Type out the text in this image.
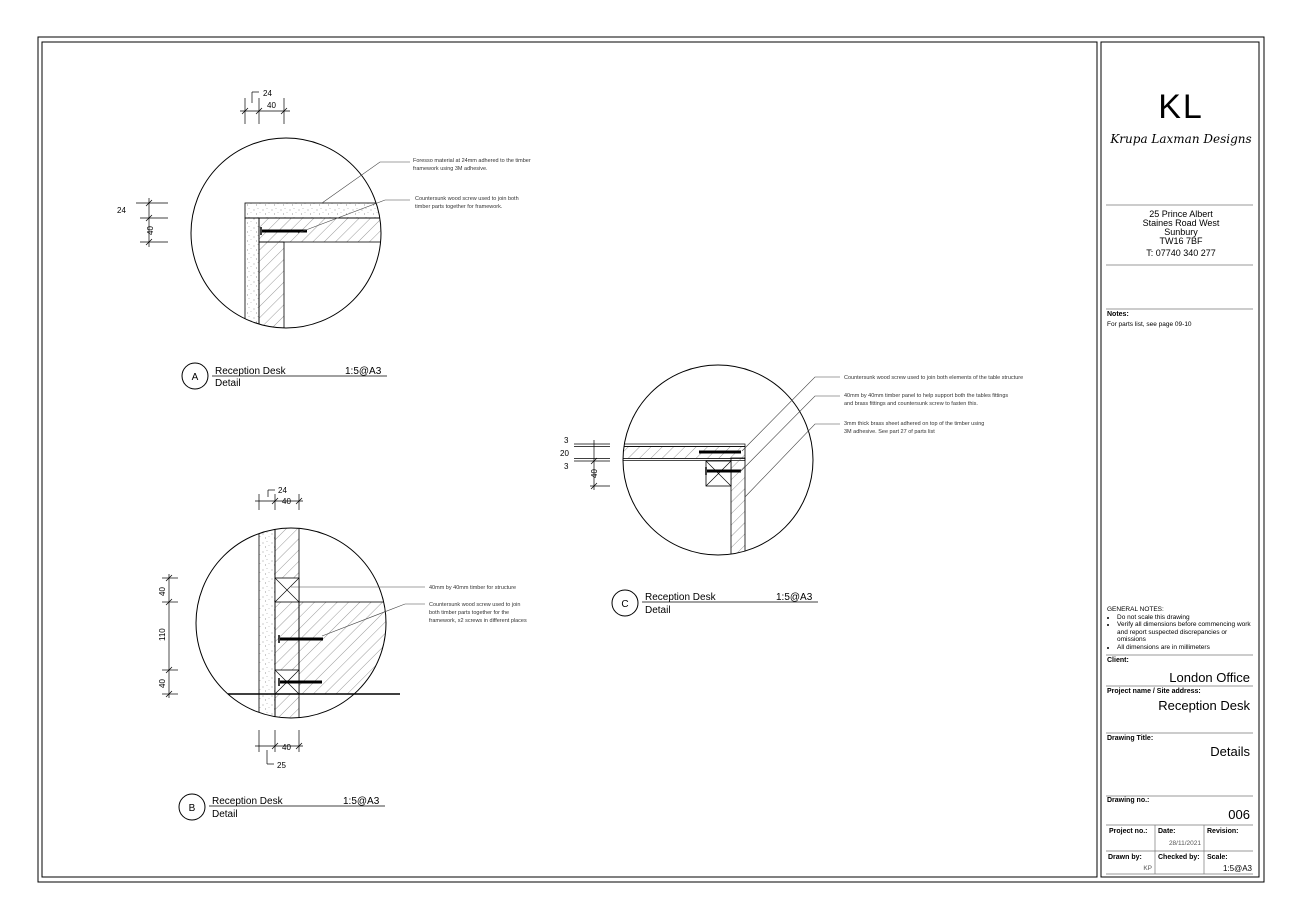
24
40
24
40
Foresso material at 24mm adhered to the timber framework using 3M adhesive.
Countersunk wood screw used to join both timber parts together for framework.
A
Reception Desk
Detail
1:5@A3
24
40
40
110
40
40
25
40mm by 40mm timber for structure
Countersunk wood screw used to join both timber parts together for the framework, x2 screws in different places
B
Reception Desk
Detail
1:5@A3
3
20
3
40
Countersunk wood screw used to join both elements of the table structure
40mm by 40mm timber panel to help support both the tables fittings and brass fittings and countersunk screw to fasten this.
3mm thick brass sheet adhered on top of the timber using 3M adhesive. See part 27 of parts list
C
Reception Desk
Detail
1:5@A3
KL
Krupa Laxman Designs
25 Prince Albert
Staines Road West
Sunbury
TW16 7BF
T: 07740 340 277
Notes:
For parts list, see page 09-10
GENERAL NOTES:
• Do not scale this drawing
• Verify all dimensions before commencing work and report suspected discrepancies or omissions
• All dimensions are in millimeters
Client:
London Office
Project name / Site address:
Reception Desk
Drawing Title:
Details
Drawing no.:
006
Project no.: Date:
28/11/2021
Revision:
Drawn by:
KP
Checked by: Scale:
1:5@A3
